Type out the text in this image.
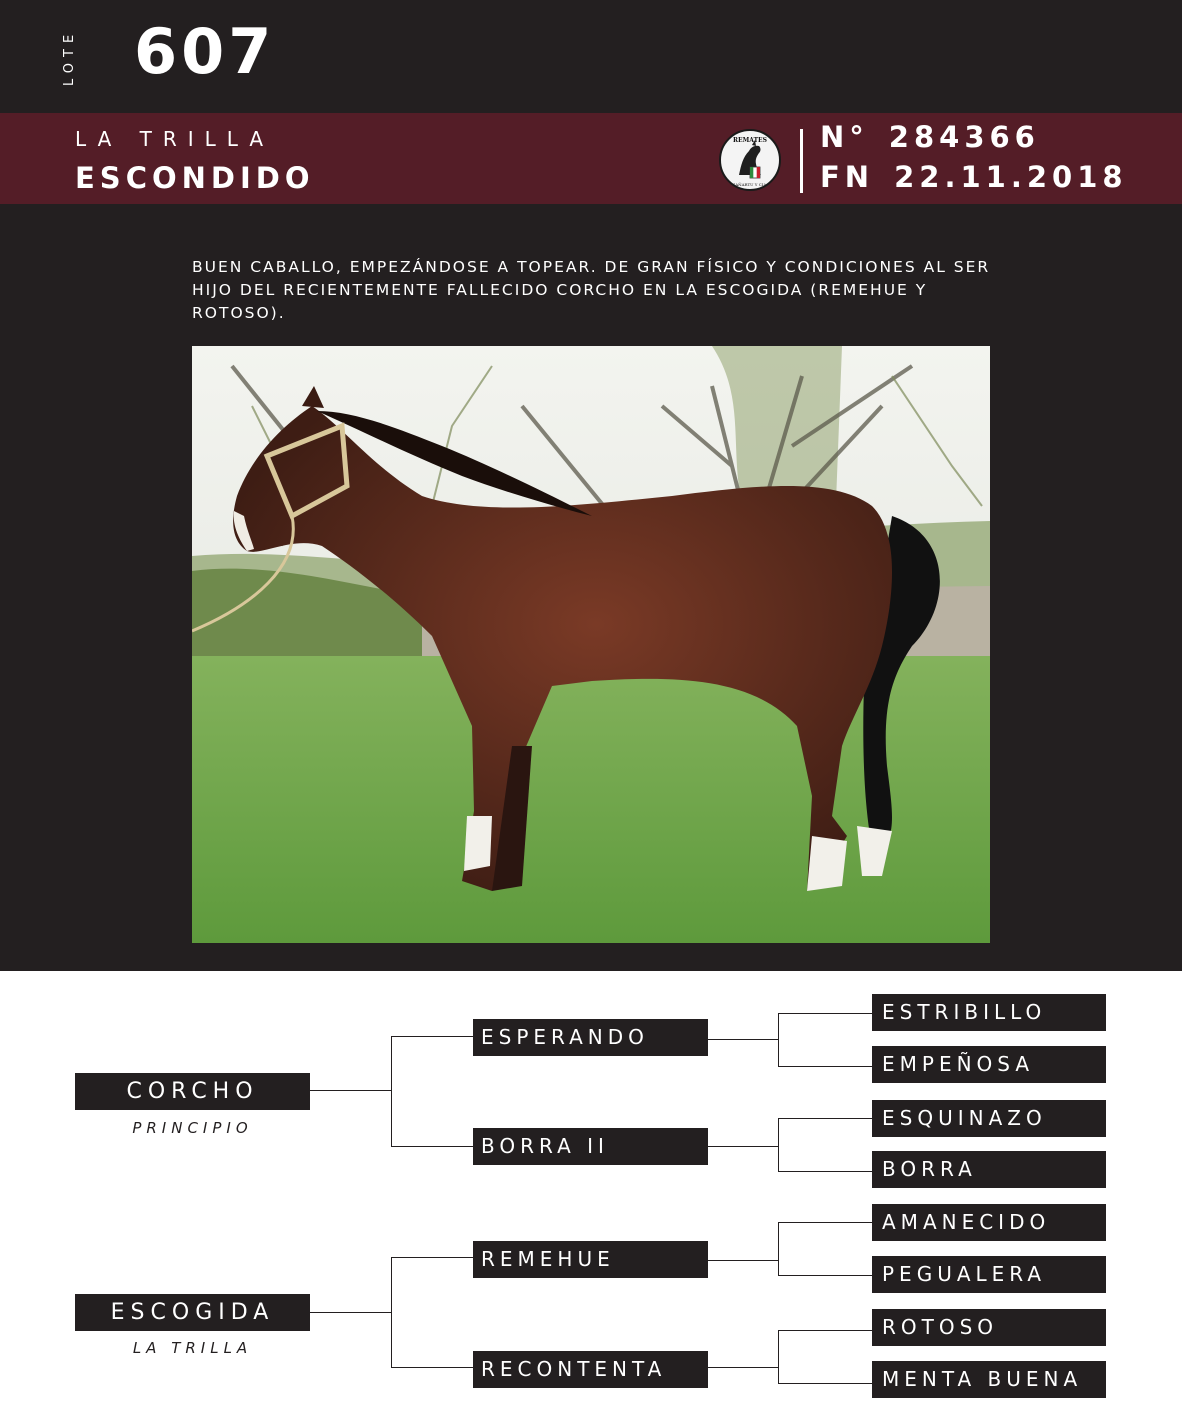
LOTE 607
LA TRILLA
ESCONDIDO
REMATES
ZAÑARTU Y CIA.
N° 284366
FN 22.11.2018
BUEN CABALLO, EMPEZÁNDOSE A TOPEAR. DE GRAN FÍSICO Y CONDICIONES AL SER HIJO DEL RECIENTEMENTE FALLECIDO CORCHO EN LA ESCOGIDA (REMEHUE Y ROTOSO).
CORCHO
PRINCIPIO
ESCOGIDA
LA TRILLA
ESPERANDO
BORRA II
REMEHUE
RECONTENTA
ESTRIBILLO
EMPEÑOSA
ESQUINAZO
BORRA
AMANECIDO
PEGUALERA
ROTOSO
MENTA BUENA
